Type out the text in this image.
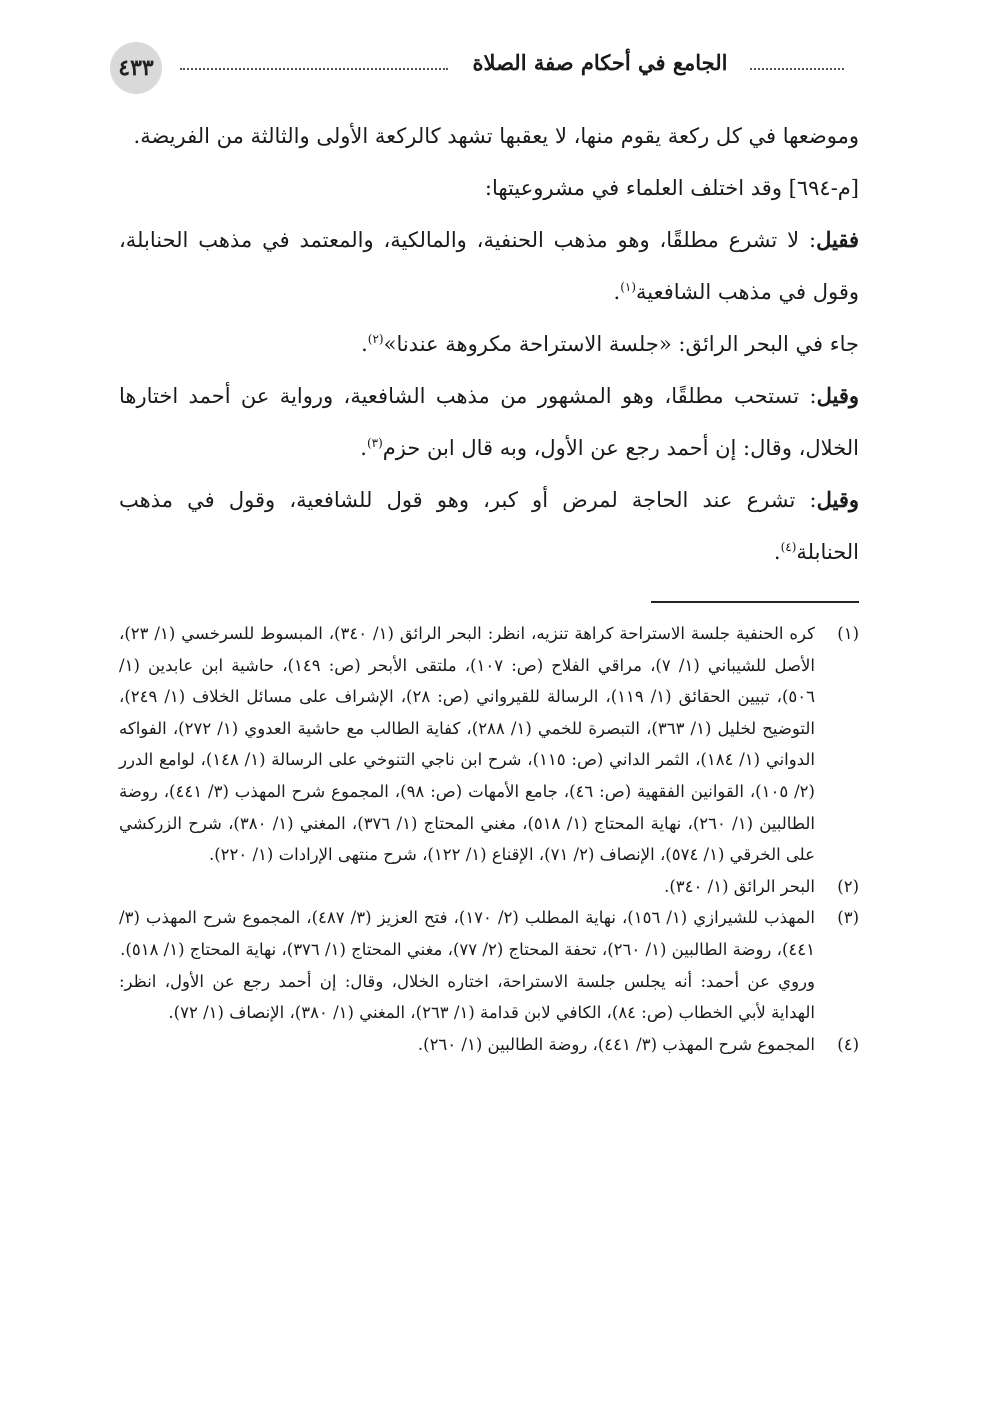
٤٣٣	الجامع في أحكام صفة الصلاة

وموضعها في كل ركعة يقوم منها، لا يعقبها تشهد كالركعة الأولى والثالثة من الفريضة.

[م-٦٩٤] وقد اختلف العلماء في مشروعيتها:

فقيل: لا تشرع مطلقًا، وهو مذهب الحنفية، والمالكية، والمعتمد في مذهب الحنابلة، وقول في مذهب الشافعية$^{(١)}$.

جاء في البحر الرائق: «جلسة الاستراحة مكروهة عندنا»$^{(٢)}$.

وقيل: تستحب مطلقًا، وهو المشهور من مذهب الشافعية، ورواية عن أحمد اختارها الخلال، وقال: إن أحمد رجع عن الأول، وبه قال ابن حزم$^{(٣)}$.

وقيل: تشرع عند الحاجة لمرض أو كبر، وهو قول للشافعية، وقول في مذهب الحنابلة$^{(٤)}$.

(١)
كره الحنفية جلسة الاستراحة كراهة تنزيه، انظر: البحر الرائق (١/ ٣٤٠)، المبسوط للسرخسي (١/ ٢٣)، الأصل للشيباني (١/ ٧)، مراقي الفلاح (ص: ١٠٧)، ملتقى الأبحر (ص: ١٤٩)، حاشية ابن عابدين (١/ ٥٠٦)، تبيين الحقائق (١/ ١١٩)، الرسالة للقيرواني (ص: ٢٨)، الإشراف على مسائل الخلاف (١/ ٢٤٩)، التوضيح لخليل (١/ ٣٦٣)، التبصرة للخمي (١/ ٢٨٨)، كفاية الطالب مع حاشية العدوي (١/ ٢٧٢)، الفواكه الدواني (١/ ١٨٤)، الثمر الداني (ص: ١١٥)، شرح ابن ناجي التنوخي على الرسالة (١/ ١٤٨)، لوامع الدرر (٢/ ١٠٥)، القوانين الفقهية (ص: ٤٦)، جامع الأمهات (ص: ٩٨)، المجموع شرح المهذب (٣/ ٤٤١)، روضة الطالبين (١/ ٢٦٠)، نهاية المحتاج (١/ ٥١٨)، مغني المحتاج (١/ ٣٧٦)، المغني (١/ ٣٨٠)، شرح الزركشي على الخرقي (١/ ٥٧٤)، الإنصاف (٢/ ٧١)، الإقناع (١/ ١٢٢)، شرح منتهى الإرادات (١/ ٢٢٠).
(٢)
البحر الرائق (١/ ٣٤٠).
(٣)
المهذب للشيرازي (١/ ١٥٦)، نهاية المطلب (٢/ ١٧٠)، فتح العزيز (٣/ ٤٨٧)، المجموع شرح المهذب (٣/ ٤٤١)، روضة الطالبين (١/ ٢٦٠)، تحفة المحتاج (٢/ ٧٧)، مغني المحتاج (١/ ٣٧٦)، نهاية المحتاج (١/ ٥١٨).
وروي عن أحمد: أنه يجلس جلسة الاستراحة، اختاره الخلال، وقال: إن أحمد رجع عن الأول، انظر: الهداية لأبي الخطاب (ص: ٨٤)، الكافي لابن قدامة (١/ ٢٦٣)، المغني (١/ ٣٨٠)، الإنصاف (١/ ٧٢).
(٤)
المجموع شرح المهذب (٣/ ٤٤١)، روضة الطالبين (١/ ٢٦٠).
